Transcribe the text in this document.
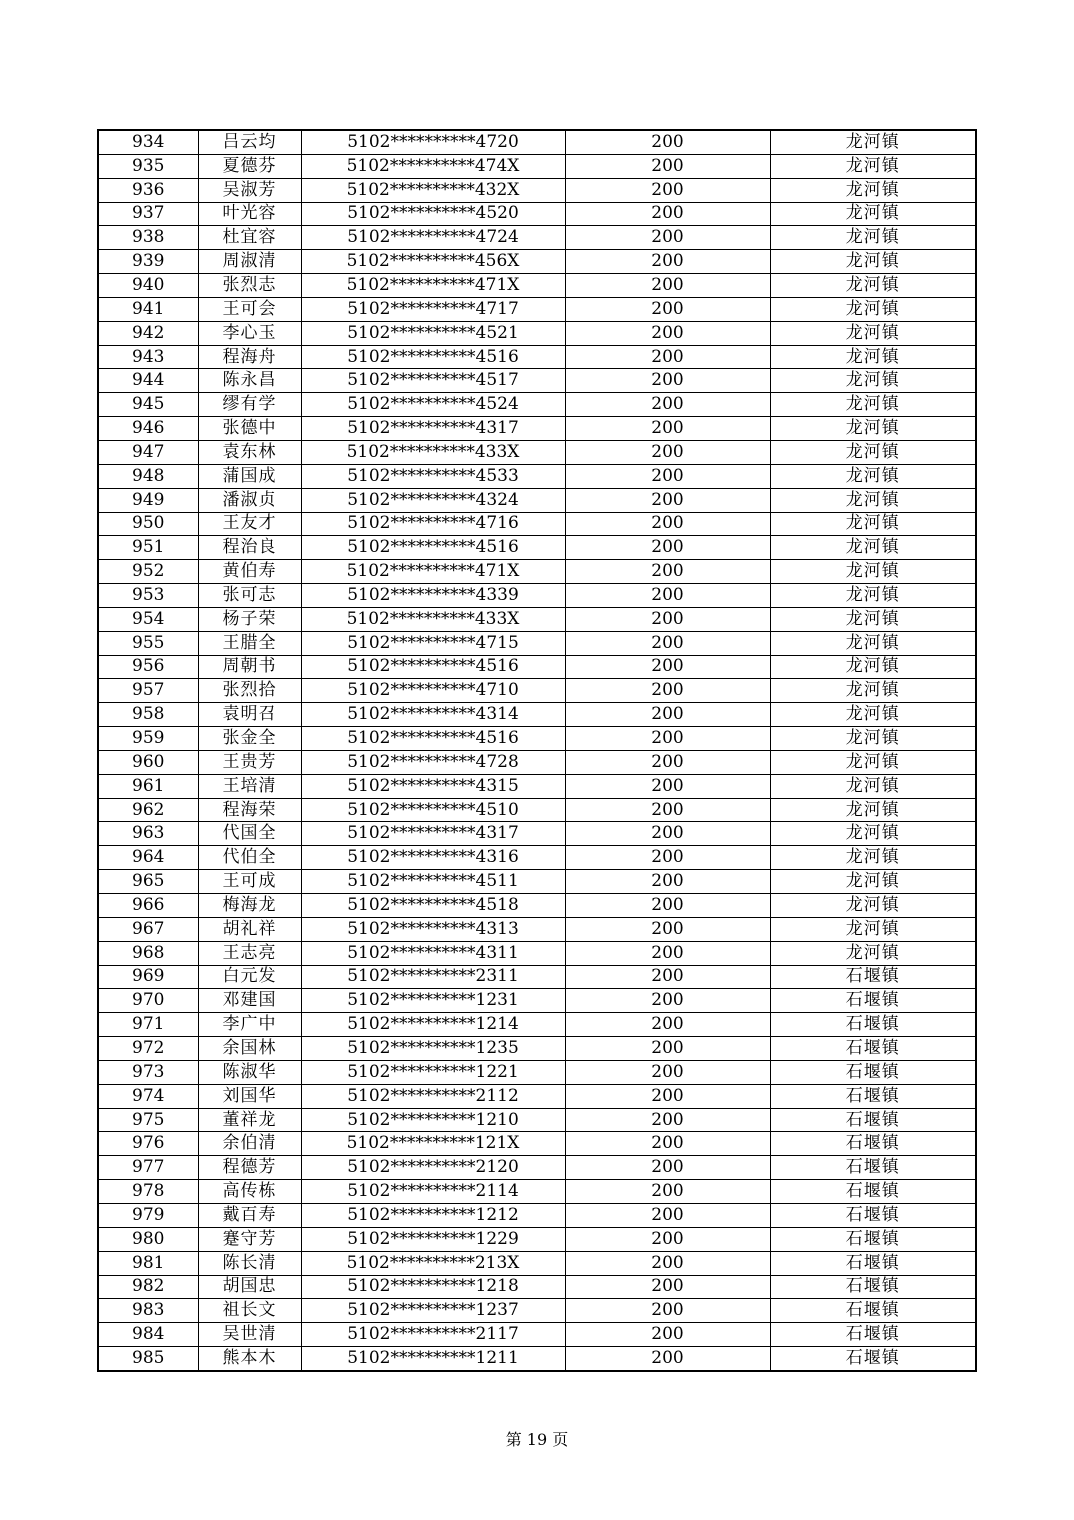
934	吕云均	5102**********4720	200	龙河镇
935	夏德芬	5102**********474X	200	龙河镇
936	吴淑芳	5102**********432X	200	龙河镇
937	叶光容	5102**********4520	200	龙河镇
938	杜宜容	5102**********4724	200	龙河镇
939	周淑清	5102**********456X	200	龙河镇
940	张烈志	5102**********471X	200	龙河镇
941	王可会	5102**********4717	200	龙河镇
942	李心玉	5102**********4521	200	龙河镇
943	程海舟	5102**********4516	200	龙河镇
944	陈永昌	5102**********4517	200	龙河镇
945	缪有学	5102**********4524	200	龙河镇
946	张德中	5102**********4317	200	龙河镇
947	袁东林	5102**********433X	200	龙河镇
948	蒲国成	5102**********4533	200	龙河镇
949	潘淑贞	5102**********4324	200	龙河镇
950	王友才	5102**********4716	200	龙河镇
951	程治良	5102**********4516	200	龙河镇
952	黄伯寿	5102**********471X	200	龙河镇
953	张可志	5102**********4339	200	龙河镇
954	杨子荣	5102**********433X	200	龙河镇
955	王腊全	5102**********4715	200	龙河镇
956	周朝书	5102**********4516	200	龙河镇
957	张烈拾	5102**********4710	200	龙河镇
958	袁明召	5102**********4314	200	龙河镇
959	张金全	5102**********4516	200	龙河镇
960	王贵芳	5102**********4728	200	龙河镇
961	王培清	5102**********4315	200	龙河镇
962	程海荣	5102**********4510	200	龙河镇
963	代国全	5102**********4317	200	龙河镇
964	代伯全	5102**********4316	200	龙河镇
965	王可成	5102**********4511	200	龙河镇
966	梅海龙	5102**********4518	200	龙河镇
967	胡礼祥	5102**********4313	200	龙河镇
968	王志亮	5102**********4311	200	龙河镇
969	白元发	5102**********2311	200	石堰镇
970	邓建国	5102**********1231	200	石堰镇
971	李广中	5102**********1214	200	石堰镇
972	余国林	5102**********1235	200	石堰镇
973	陈淑华	5102**********1221	200	石堰镇
974	刘国华	5102**********2112	200	石堰镇
975	董祥龙	5102**********1210	200	石堰镇
976	余伯清	5102**********121X	200	石堰镇
977	程德芳	5102**********2120	200	石堰镇
978	高传栋	5102**********2114	200	石堰镇
979	戴百寿	5102**********1212	200	石堰镇
980	蹇守芳	5102**********1229	200	石堰镇
981	陈长清	5102**********213X	200	石堰镇
982	胡国忠	5102**********1218	200	石堰镇
983	祖长文	5102**********1237	200	石堰镇
984	吴世清	5102**********2117	200	石堰镇
985	熊本木	5102**********1211	200	石堰镇
第 19 页
